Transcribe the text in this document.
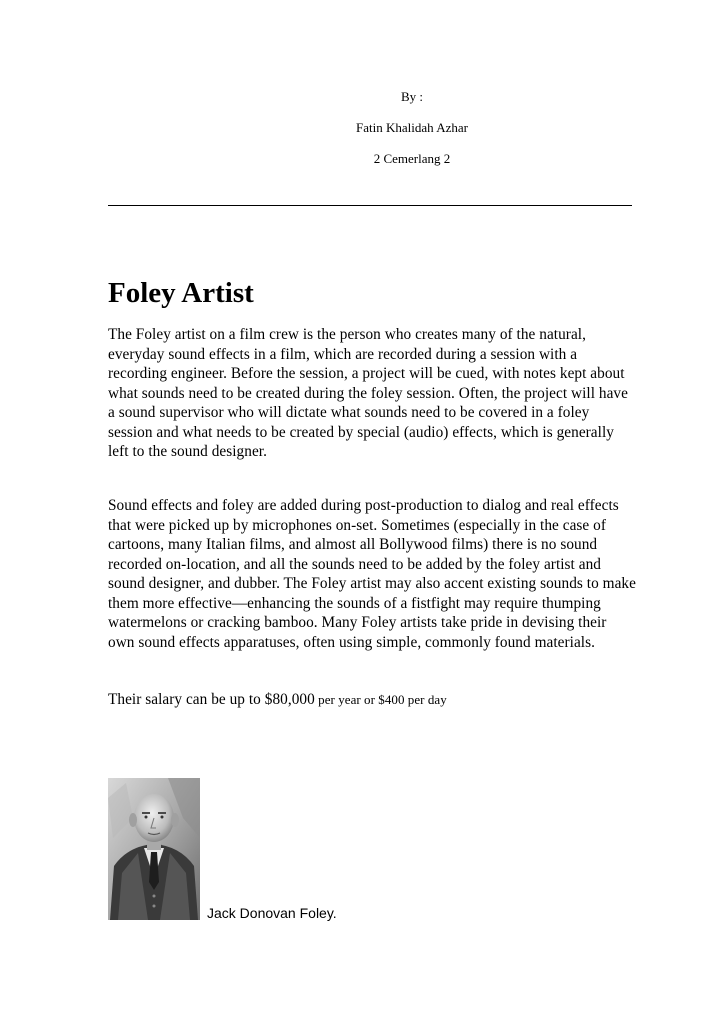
By :
Fatin Khalidah Azhar
2 Cemerlang 2
Foley Artist

The Foley artist on a film crew is the person who creates many of the natural, everyday sound effects in a film, which are recorded during a session with a recording engineer. Before the session, a project will be cued, with notes kept about what sounds need to be created during the foley session. Often, the project will have a sound supervisor who will dictate what sounds need to be covered in a foley session and what needs to be created by special (audio) effects, which is generally left to the sound designer.

Sound effects and foley are added during post-production to dialog and real effects that were picked up by microphones on-set. Sometimes (especially in the case of cartoons, many Italian films, and almost all Bollywood films) there is no sound recorded on-location, and all the sounds need to be added by the foley artist and sound designer, and dubber. The Foley artist may also accent existing sounds to make them more effective—enhancing the sounds of a fistfight may require thumping watermelons or cracking bamboo. Many Foley artists take pride in devising their own sound effects apparatuses, often using simple, commonly found materials.

Their salary can be up to $80,000 per year or $400 per day

Jack Donovan Foley.
